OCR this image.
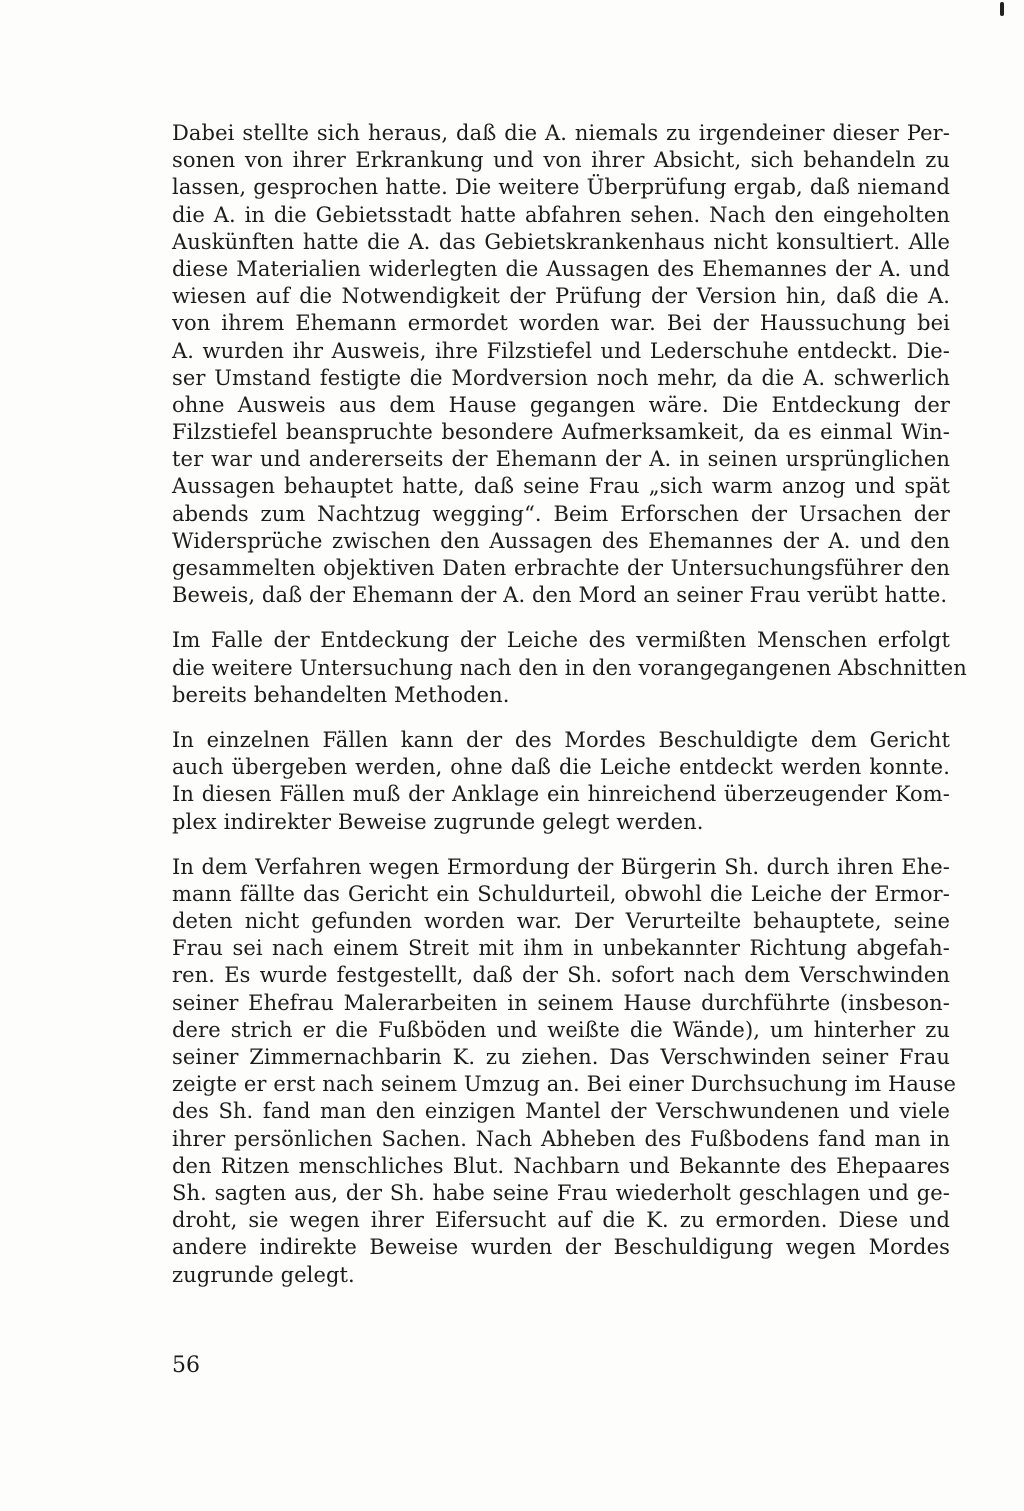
Dabei stellte sich heraus, daß die A. niemals zu irgendeiner dieser Per-
sonen von ihrer Erkrankung und von ihrer Absicht, sich behandeln zu
lassen, gesprochen hatte. Die weitere Überprüfung ergab, daß niemand
die A. in die Gebietsstadt hatte abfahren sehen. Nach den eingeholten
Auskünften hatte die A. das Gebietskrankenhaus nicht konsultiert. Alle
diese Materialien widerlegten die Aussagen des Ehemannes der A. und
wiesen auf die Notwendigkeit der Prüfung der Version hin, daß die A.
von ihrem Ehemann ermordet worden war. Bei der Haussuchung bei
A. wurden ihr Ausweis, ihre Filzstiefel und Lederschuhe entdeckt. Die-
ser Umstand festigte die Mordversion noch mehr, da die A. schwerlich
ohne Ausweis aus dem Hause gegangen wäre. Die Entdeckung der
Filzstiefel beanspruchte besondere Aufmerksamkeit, da es einmal Win-
ter war und andererseits der Ehemann der A. in seinen ursprünglichen
Aussagen behauptet hatte, daß seine Frau „sich warm anzog und spät
abends zum Nachtzug wegging“. Beim Erforschen der Ursachen der
Widersprüche zwischen den Aussagen des Ehemannes der A. und den
gesammelten objektiven Daten erbrachte der Untersuchungsführer den
Beweis, daß der Ehemann der A. den Mord an seiner Frau verübt hatte.
Im Falle der Entdeckung der Leiche des vermißten Menschen erfolgt
die weitere Untersuchung nach den in den vorangegangenen Abschnitten
bereits behandelten Methoden.
In einzelnen Fällen kann der des Mordes Beschuldigte dem Gericht
auch übergeben werden, ohne daß die Leiche entdeckt werden konnte.
In diesen Fällen muß der Anklage ein hinreichend überzeugender Kom-
plex indirekter Beweise zugrunde gelegt werden.
In dem Verfahren wegen Ermordung der Bürgerin Sh. durch ihren Ehe-
mann fällte das Gericht ein Schuldurteil, obwohl die Leiche der Ermor-
deten nicht gefunden worden war. Der Verurteilte behauptete, seine
Frau sei nach einem Streit mit ihm in unbekannter Richtung abgefah-
ren. Es wurde festgestellt, daß der Sh. sofort nach dem Verschwinden
seiner Ehefrau Malerarbeiten in seinem Hause durchführte (insbeson-
dere strich er die Fußböden und weißte die Wände), um hinterher zu
seiner Zimmernachbarin K. zu ziehen. Das Verschwinden seiner Frau
zeigte er erst nach seinem Umzug an. Bei einer Durchsuchung im Hause
des Sh. fand man den einzigen Mantel der Verschwundenen und viele
ihrer persönlichen Sachen. Nach Abheben des Fußbodens fand man in
den Ritzen menschliches Blut. Nachbarn und Bekannte des Ehepaares
Sh. sagten aus, der Sh. habe seine Frau wiederholt geschlagen und ge-
droht, sie wegen ihrer Eifersucht auf die K. zu ermorden. Diese und
andere indirekte Beweise wurden der Beschuldigung wegen Mordes
zugrunde gelegt.
56
